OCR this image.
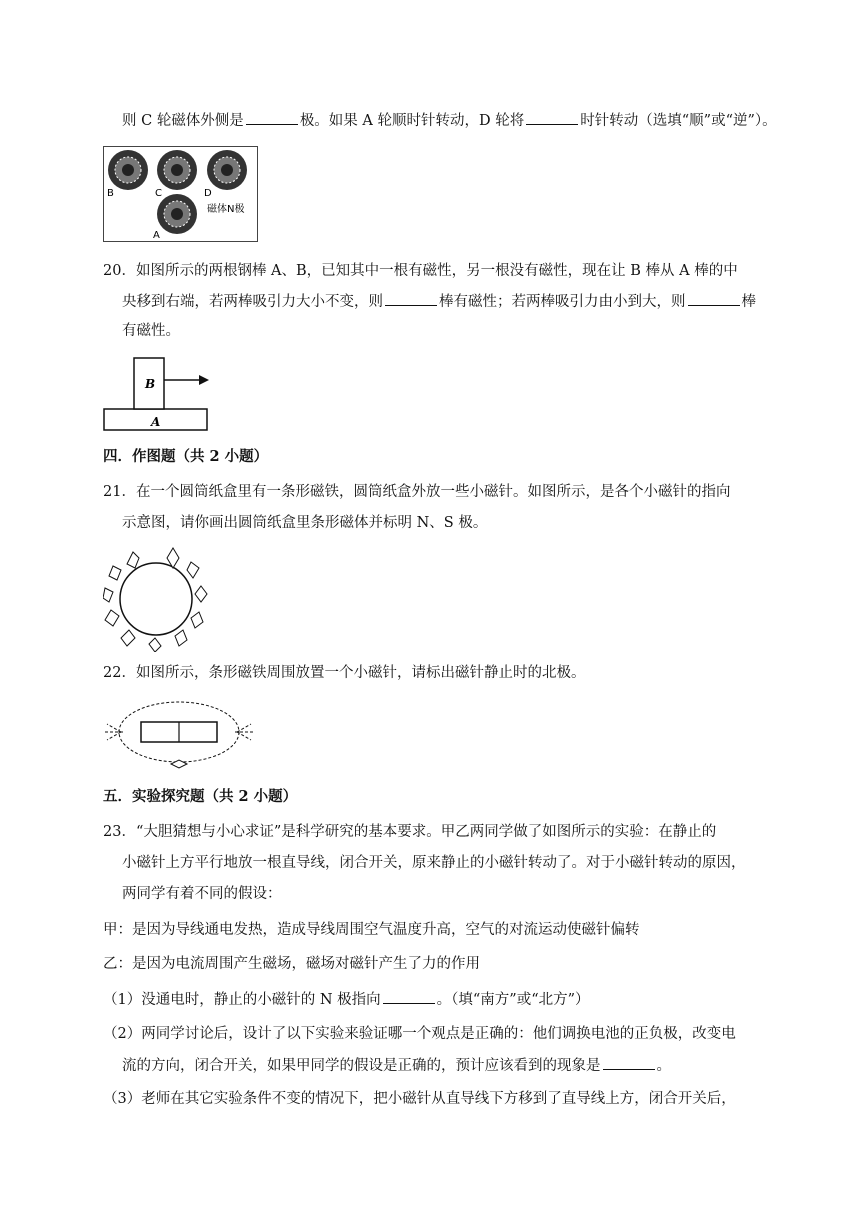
则 C 轮磁体外侧是	极。如果 A 轮顺时针转动，D 轮将	时针转动（选填“顺”或“逆”）。
B	C	D
A
磁体N极
20．如图所示的两根钢棒 A、B，已知其中一根有磁性，另一根没有磁性，现在让 B 棒从 A 棒的中
央移到右端，若两棒吸引力大小不变，则	棒有磁性；若两棒吸引力由小到大，则	棒
有磁性。
B
A
四．作图题（共 2 小题）
21．在一个圆筒纸盒里有一条形磁铁，圆筒纸盒外放一些小磁针。如图所示，是各个小磁针的指向
示意图，请你画出圆筒纸盒里条形磁体并标明 N、S 极。
22．如图所示，条形磁铁周围放置一个小磁针，请标出磁针静止时的北极。
五．实验探究题（共 2 小题）
23．“大胆猜想与小心求证”是科学研究的基本要求。甲乙两同学做了如图所示的实验：在静止的
小磁针上方平行地放一根直导线，闭合开关，原来静止的小磁针转动了。对于小磁针转动的原因，
两同学有着不同的假设：
甲：是因为导线通电发热，造成导线周围空气温度升高，空气的对流运动使磁针偏转
乙：是因为电流周围产生磁场，磁场对磁针产生了力的作用
（1）没通电时，静止的小磁针的 N 极指向	。（填“南方”或“北方”）
（2）两同学讨论后，设计了以下实验来验证哪一个观点是正确的：他们调换电池的正负极，改变电
流的方向，闭合开关，如果甲同学的假设是正确的，预计应该看到的现象是	。
（3）老师在其它实验条件不变的情况下，把小磁针从直导线下方移到了直导线上方，闭合开关后，
